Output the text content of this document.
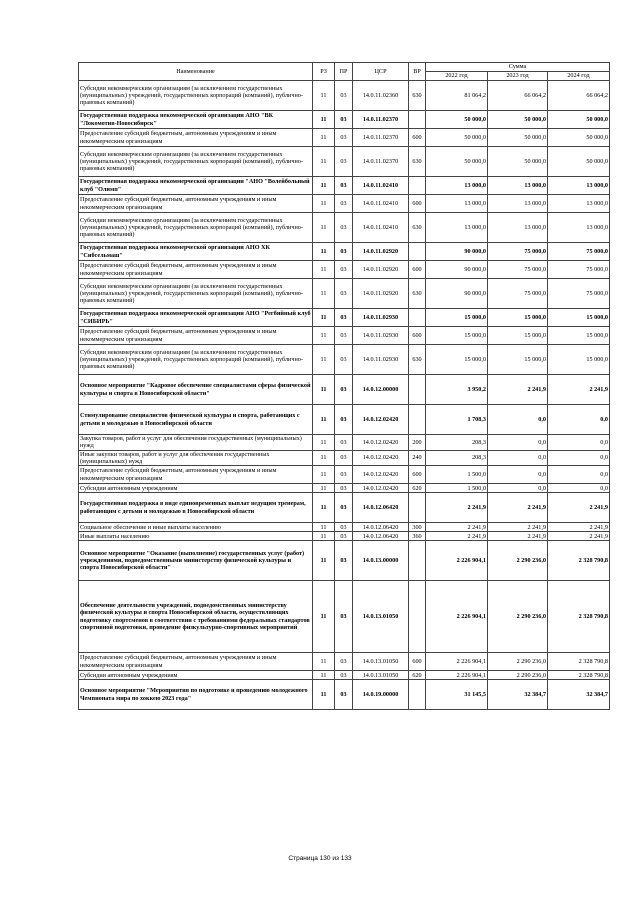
Наименование	РЗ	ПР	ЦСР	ВР	Сумма		
					2022 год	2023 год	2024 год
Субсидии некоммерческим организациям (за исключением государственных (муниципальных) учреждений, государственных корпораций (компаний), публично-правовых компаний)	11	03	14.0.11.02360	630	81 064,2	66 064,2	66 064,2
Государственная поддержка некоммерческой организации АНО "ВК "Локомотив-Новосибирск"	11	03	14.0.11.02370		50 000,0	50 000,0	50 000,0
Предоставление субсидий бюджетным, автономным учреждениям и иным некоммерческим организациям	11	03	14.0.11.02370	600	50 000,0	50 000,0	50 000,0
Субсидии некоммерческим организациям (за исключением государственных (муниципальных) учреждений, государственных корпораций (компаний), публично-правовых компаний)	11	03	14.0.11.02370	630	50 000,0	50 000,0	50 000,0
Государственная поддержка некоммерческой организации "АНО "Волейбольный клуб "Олимп"	11	03	14.0.11.02410		13 000,0	13 000,0	13 000,0
Предоставление субсидий бюджетным, автономным учреждениям и иным некоммерческим организациям	11	03	14.0.11.02410	600	13 000,0	13 000,0	13 000,0
Субсидии некоммерческим организациям (за исключением государственных (муниципальных) учреждений, государственных корпораций (компаний), публично-правовых компаний)	11	03	14.0.11.02410	630	13 000,0	13 000,0	13 000,0
Государственная поддержка некоммерческой организации АНО ХК "Сибсельмаш"	11	03	14.0.11.02920		90 000,0	75 000,0	75 000,0
Предоставление субсидий бюджетным, автономным учреждениям и иным некоммерческим организациям	11	03	14.0.11.02920	600	90 000,0	75 000,0	75 000,0
Субсидии некоммерческим организациям (за исключением государственных (муниципальных) учреждений, государственных корпораций (компаний), публично-правовых компаний)	11	03	14.0.11.02920	630	90 000,0	75 000,0	75 000,0
Государственная поддержка некоммерческой организации АНО "Регбийный клуб "СИБИРЬ"	11	03	14.0.11.02930		15 000,0	15 000,0	15 000,0
Предоставление субсидий бюджетным, автономным учреждениям и иным некоммерческим организациям	11	03	14.0.11.02930	600	15 000,0	15 000,0	15 000,0
Субсидии некоммерческим организациям (за исключением государственных (муниципальных) учреждений, государственных корпораций (компаний), публично-правовых компаний)	11	03	14.0.11.02930	630	15 000,0	15 000,0	15 000,0
Основное мероприятие "Кадровое обеспечение специалистами сферы физической культуры и спорта в Новосибирской области"	11	03	14.0.12.00000		3 950,2	2 241,9	2 241,9
Стимулирование специалистов физической культуры и спорта, работающих с детьми и молодежью в Новосибирской области	11	03	14.0.12.02420		1 708,3	0,0	0,0
Закупка товаров, работ и услуг для обеспечения государственных (муниципальных) нужд	11	03	14.0.12.02420	200	208,3	0,0	0,0
Иные закупки товаров, работ и услуг для обеспечения государственных (муниципальных) нужд	11	03	14.0.12.02420	240	208,3	0,0	0,0
Предоставление субсидий бюджетным, автономным учреждениям и иным некоммерческим организациям	11	03	14.0.12.02420	600	1 500,0	0,0	0,0
Субсидии автономным учреждениям	11	03	14.0.12.02420	620	1 500,0	0,0	0,0
Государственная поддержка в виде единовременных выплат ведущим тренерам, работающим с детьми и молодежью в Новосибирской области	11	03	14.0.12.06420		2 241,9	2 241,9	2 241,9
Социальное обеспечение и иные выплаты населению	11	03	14.0.12.06420	300	2 241,9	2 241,9	2 241,9
Иные выплаты населению	11	03	14.0.12.06420	360	2 241,9	2 241,9	2 241,9
Основное мероприятие "Оказание (выполнение) государственных услуг (работ) учреждениями, подведомственными министерству физической культуры и спорта Новосибирской области"	11	03	14.0.13.00000		2 226 904,1	2 290 236,0	2 328 790,8
Обеспечение деятельности учреждений, подведомственных министерству физической культуры и спорта Новосибирской области, осуществляющих подготовку спортсменов в соответствии с требованиями федеральных стандартов спортивной подготовки, проведение физкультурно-спортивных мероприятий	11	03	14.0.13.01050		2 226 904,1	2 290 236,0	2 328 790,8
Предоставление субсидий бюджетным, автономным учреждениям и иным некоммерческим организациям	11	03	14.0.13.01050	600	2 226 904,1	2 290 236,0	2 328 790,8
Субсидии автономным учреждениям	11	03	14.0.13.01050	620	2 226 904,1	2 290 236,0	2 328 790,8
Основное мероприятие "Мероприятия по подготовке и проведению молодежного Чемпионата мира по хоккею 2023 года"	11	03	14.0.19.00000		31 145,5	32 384,7	32 384,7
Страница 130 из 133
